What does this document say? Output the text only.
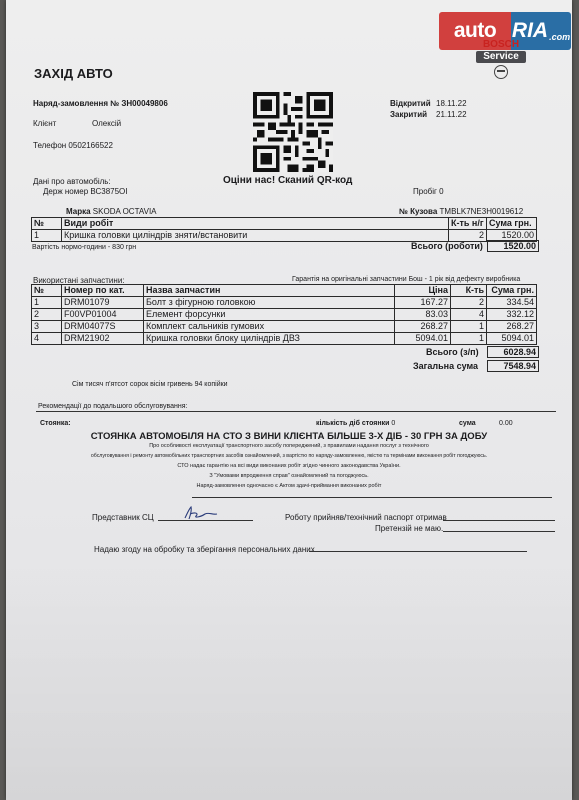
auto RIA .com
BOSCH
Service
ЗАХІД АВТО
Наряд-замовлення № ЗН00049806
Клієнт	Олексій
Телефон 0502166522
Відкритий 18.11.22
Закритий 21.11.22
Оціни нас! Сканий QR-код
Дані про автомобіль:
Держ номер ВС3875ОІ	Пробіг 0
Марка SKODA OCTAVIA	№ Кузова TMBLK7NE3H0019612
№	Види робіт	К-ть н/г	Сума грн.
1	Кришка головки циліндрів зняти/встановити	2	1520.00
Вартість нормо-години - 830 грн	Всього (роботи)	1520.00
Використані запчастини:	Гарантія на оригінальні запчастини Бош - 1 рік від дефекту виробника
№	Номер по кат.	Назва запчастин	Ціна	К-ть	Сума грн.
1	DRM01079	Болт з фігурною головкою	167.27	2	334.54
2	F00VP01004	Елемент форсунки	83.03	4	332.12
3	DRM04077S	Комплект сальників гумових	268.27	1	268.27
4	DRM21902	Кришка головки блоку циліндрів ДВЗ	5094.01	1	5094.01
Всього (з/п)	6028.94
Загальна сума	7548.94
Сім тисяч п'ятсот сорок вісім гривень 94 копійки
Рекомендації до подальшого обслуговування:
Стоянка:	кількість діб стоянки 0	сума	0.00
СТОЯНКА АВТОМОБІЛЯ НА СТО З ВИНИ КЛІЄНТА БІЛЬШЕ 3-Х ДІБ - 30 ГРН ЗА ДОБУ
Про особливості експлуатації транспортного засобу попереджений, з правилами надання послуг з технічного
обслуговування і ремонту автомобільних транспортних засобів ознайомлений, з вартістю по наряду-замовленню, якістю та термінами виконання робіт погоджуюсь.
СТО надає гарантію на всі види виконаних робіт згідно чинного законодавства України.
З "Умовами впродження справ" ознайомлений та погоджуюсь.
Наряд-замовлення одночасно є Актом здачі-приймання виконаних робіт
Представник СЦ	Роботу прийняв/технічний паспорт отримав
Претензій не маю.
Надаю згоду на обробку та зберігання персональних даних
